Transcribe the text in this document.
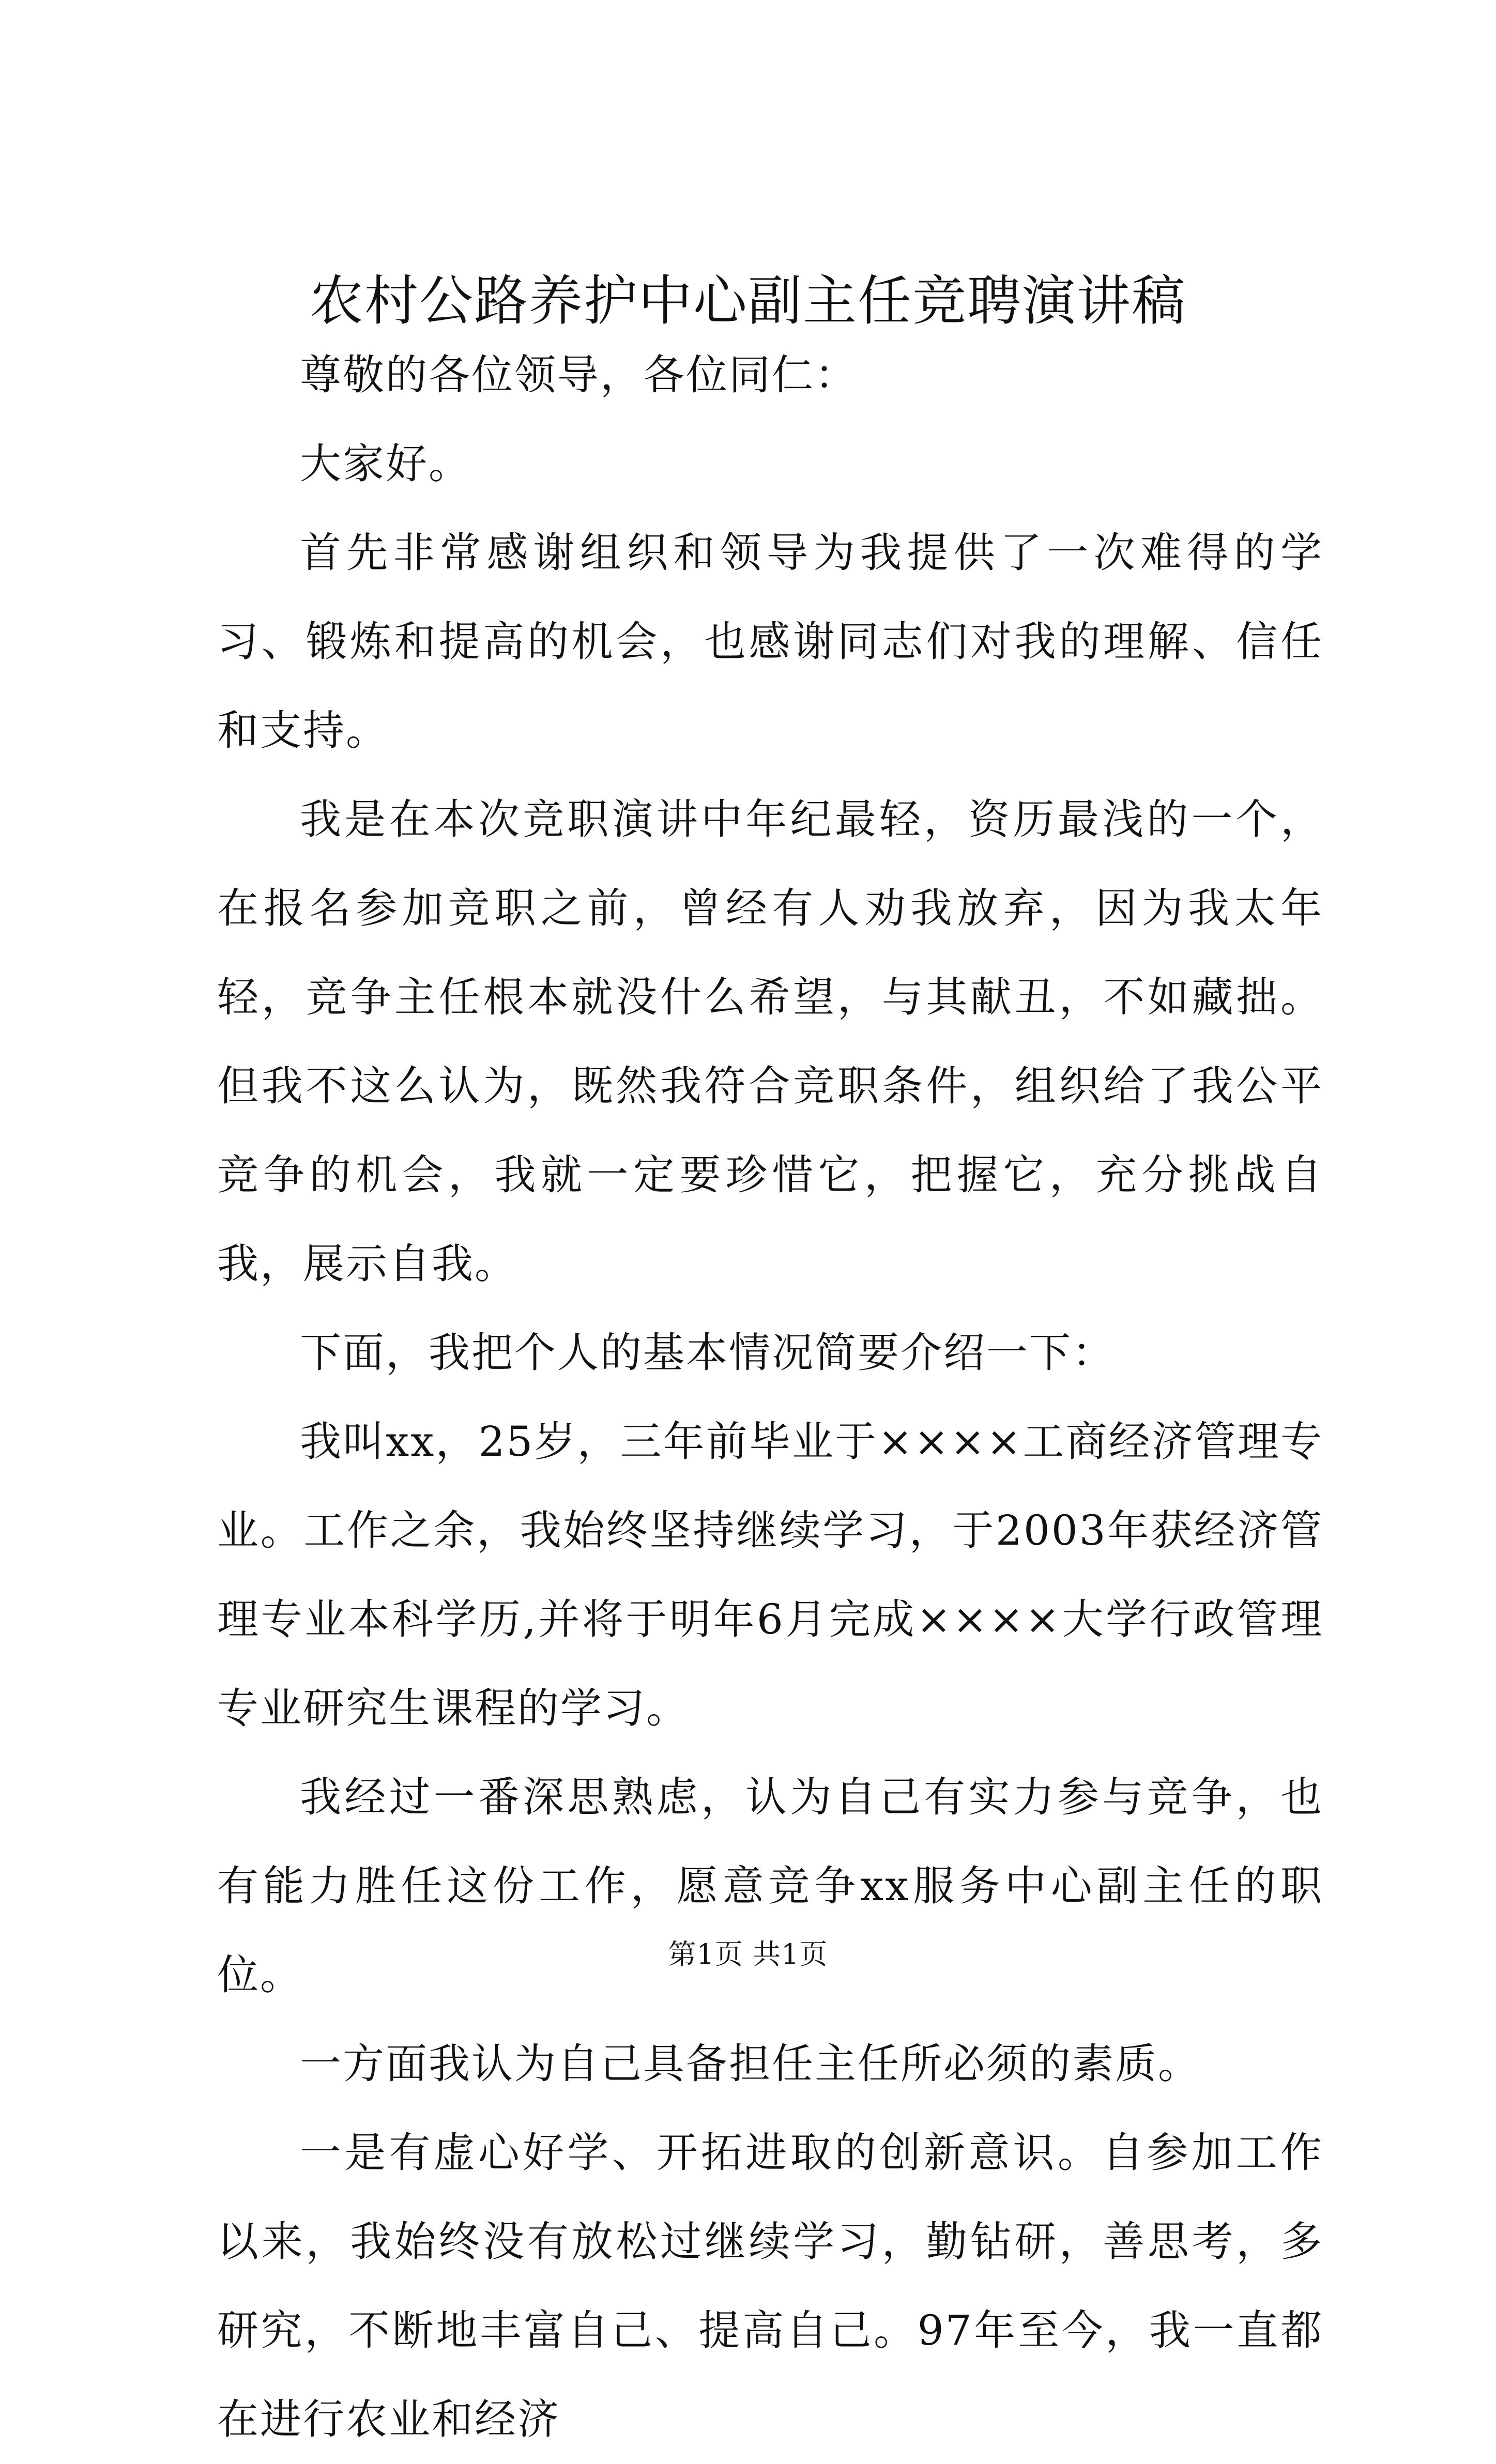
农村公路养护中心副主任竞聘演讲稿

尊敬的各位领导，各位同仁：

大家好。

首先非常感谢组织和领导为我提供了一次难得的学习、锻炼和提高的机会，也感谢同志们对我的理解、信任和支持。

我是在本次竞职演讲中年纪最轻，资历最浅的一个，在报名参加竞职之前，曾经有人劝我放弃，因为我太年轻，竞争主任根本就没什么希望，与其献丑，不如藏拙。但我不这么认为，既然我符合竞职条件，组织给了我公平竞争的机会，我就一定要珍惜它，把握它，充分挑战自我，展示自我。

下面，我把个人的基本情况简要介绍一下：

我叫xx，25岁，三年前毕业于××××工商经济管理专业。工作之余，我始终坚持继续学习，于2003年获经济管理专业本科学历,并将于明年6月完成××××大学行政管理专业研究生课程的学习。

我经过一番深思熟虑，认为自己有实力参与竞争，也有能力胜任这份工作，愿意竞争xx服务中心副主任的职位。

一方面我认为自己具备担任主任所必须的素质。

一是有虚心好学、开拓进取的创新意识。自参加工作以来，我始终没有放松过继续学习，勤钻研，善思考，多研究，不断地丰富自己、提高自己。97年至今，我一直都在进行农业和经济

第1页 共1页
